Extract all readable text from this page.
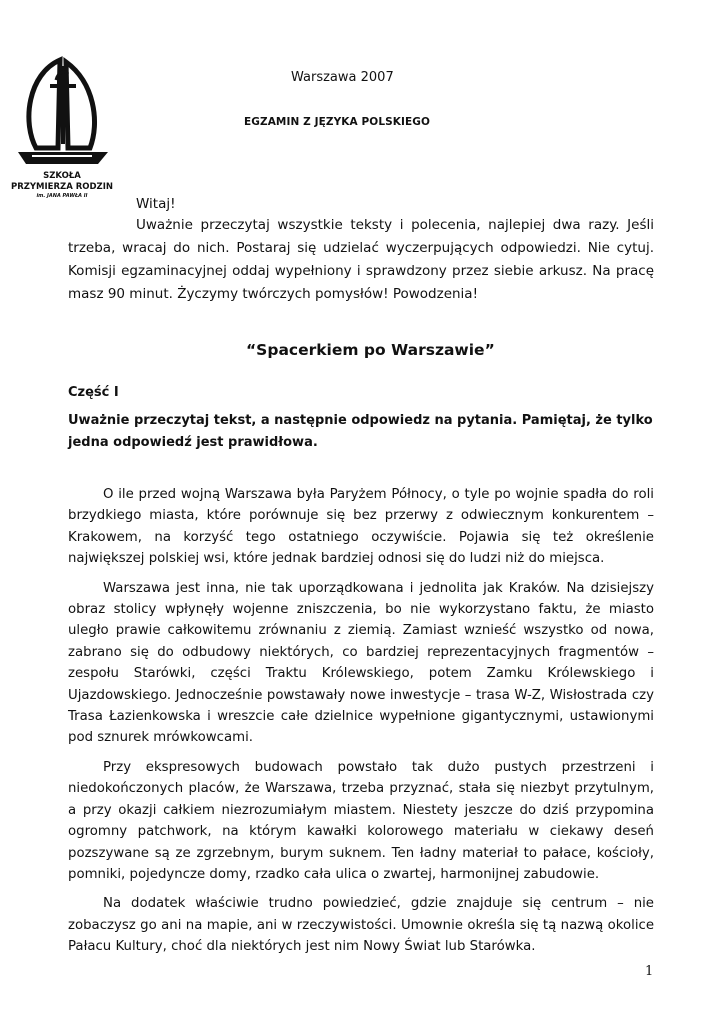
SZKOŁA
PRZYMIERZA RODZIN
im. JANA PAWŁA II
Warszawa 2007
EGZAMIN Z JĘZYKA POLSKIEGO
Witaj!

Uważnie przeczytaj wszystkie teksty i polecenia, najlepiej dwa razy. Jeśli trzeba, wracaj do nich. Postaraj się udzielać wyczerpujących odpowiedzi. Nie cytuj. Komisji egzaminacyjnej oddaj wypełniony i sprawdzony przez siebie arkusz. Na pracę masz 90 minut. Życzymy twórczych pomysłów! Powodzenia!

“Spacerkiem po Warszawie”
Część I
Uważnie przeczytaj tekst, a następnie odpowiedz na pytania. Pamiętaj, że tylko jedna odpowiedź jest prawidłowa.

O ile przed wojną Warszawa była Paryżem Północy, o tyle po wojnie spadła do roli brzydkiego miasta, które porównuje się bez przerwy z odwiecznym konkurentem – Krakowem, na korzyść tego ostatniego oczywiście. Pojawia się też określenie największej polskiej wsi, które jednak bardziej odnosi się do ludzi niż do miejsca.

Warszawa jest inna, nie tak uporządkowana i jednolita jak Kraków. Na dzisiejszy obraz stolicy wpłynęły wojenne zniszczenia, bo nie wykorzystano faktu, że miasto uległo prawie całkowitemu zrównaniu z ziemią. Zamiast wznieść wszystko od nowa, zabrano się do odbudowy niektórych, co bardziej reprezentacyjnych fragmentów – zespołu Starówki, części Traktu Królewskiego, potem Zamku Królewskiego i Ujazdowskiego. Jednocześnie powstawały nowe inwestycje – trasa W-Z, Wisłostrada czy Trasa Łazienkowska i wreszcie całe dzielnice wypełnione gigantycznymi, ustawionymi pod sznurek mrówkowcami.

Przy ekspresowych budowach powstało tak dużo pustych przestrzeni i niedokończonych placów, że Warszawa, trzeba przyznać, stała się niezbyt przytulnym, a przy okazji całkiem niezrozumiałym miastem. Niestety jeszcze do dziś przypomina ogromny patchwork, na którym kawałki kolorowego materiału w ciekawy deseń pozszywane są ze zgrzebnym, burym suknem. Ten ładny materiał to pałace, kościoły, pomniki, pojedyncze domy, rzadko cała ulica o zwartej, harmonijnej zabudowie.

Na dodatek właściwie trudno powiedzieć, gdzie znajduje się centrum – nie zobaczysz go ani na mapie, ani w rzeczywistości. Umownie określa się tą nazwą okolice Pałacu Kultury, choć dla niektórych jest nim Nowy Świat lub Starówka.

1
